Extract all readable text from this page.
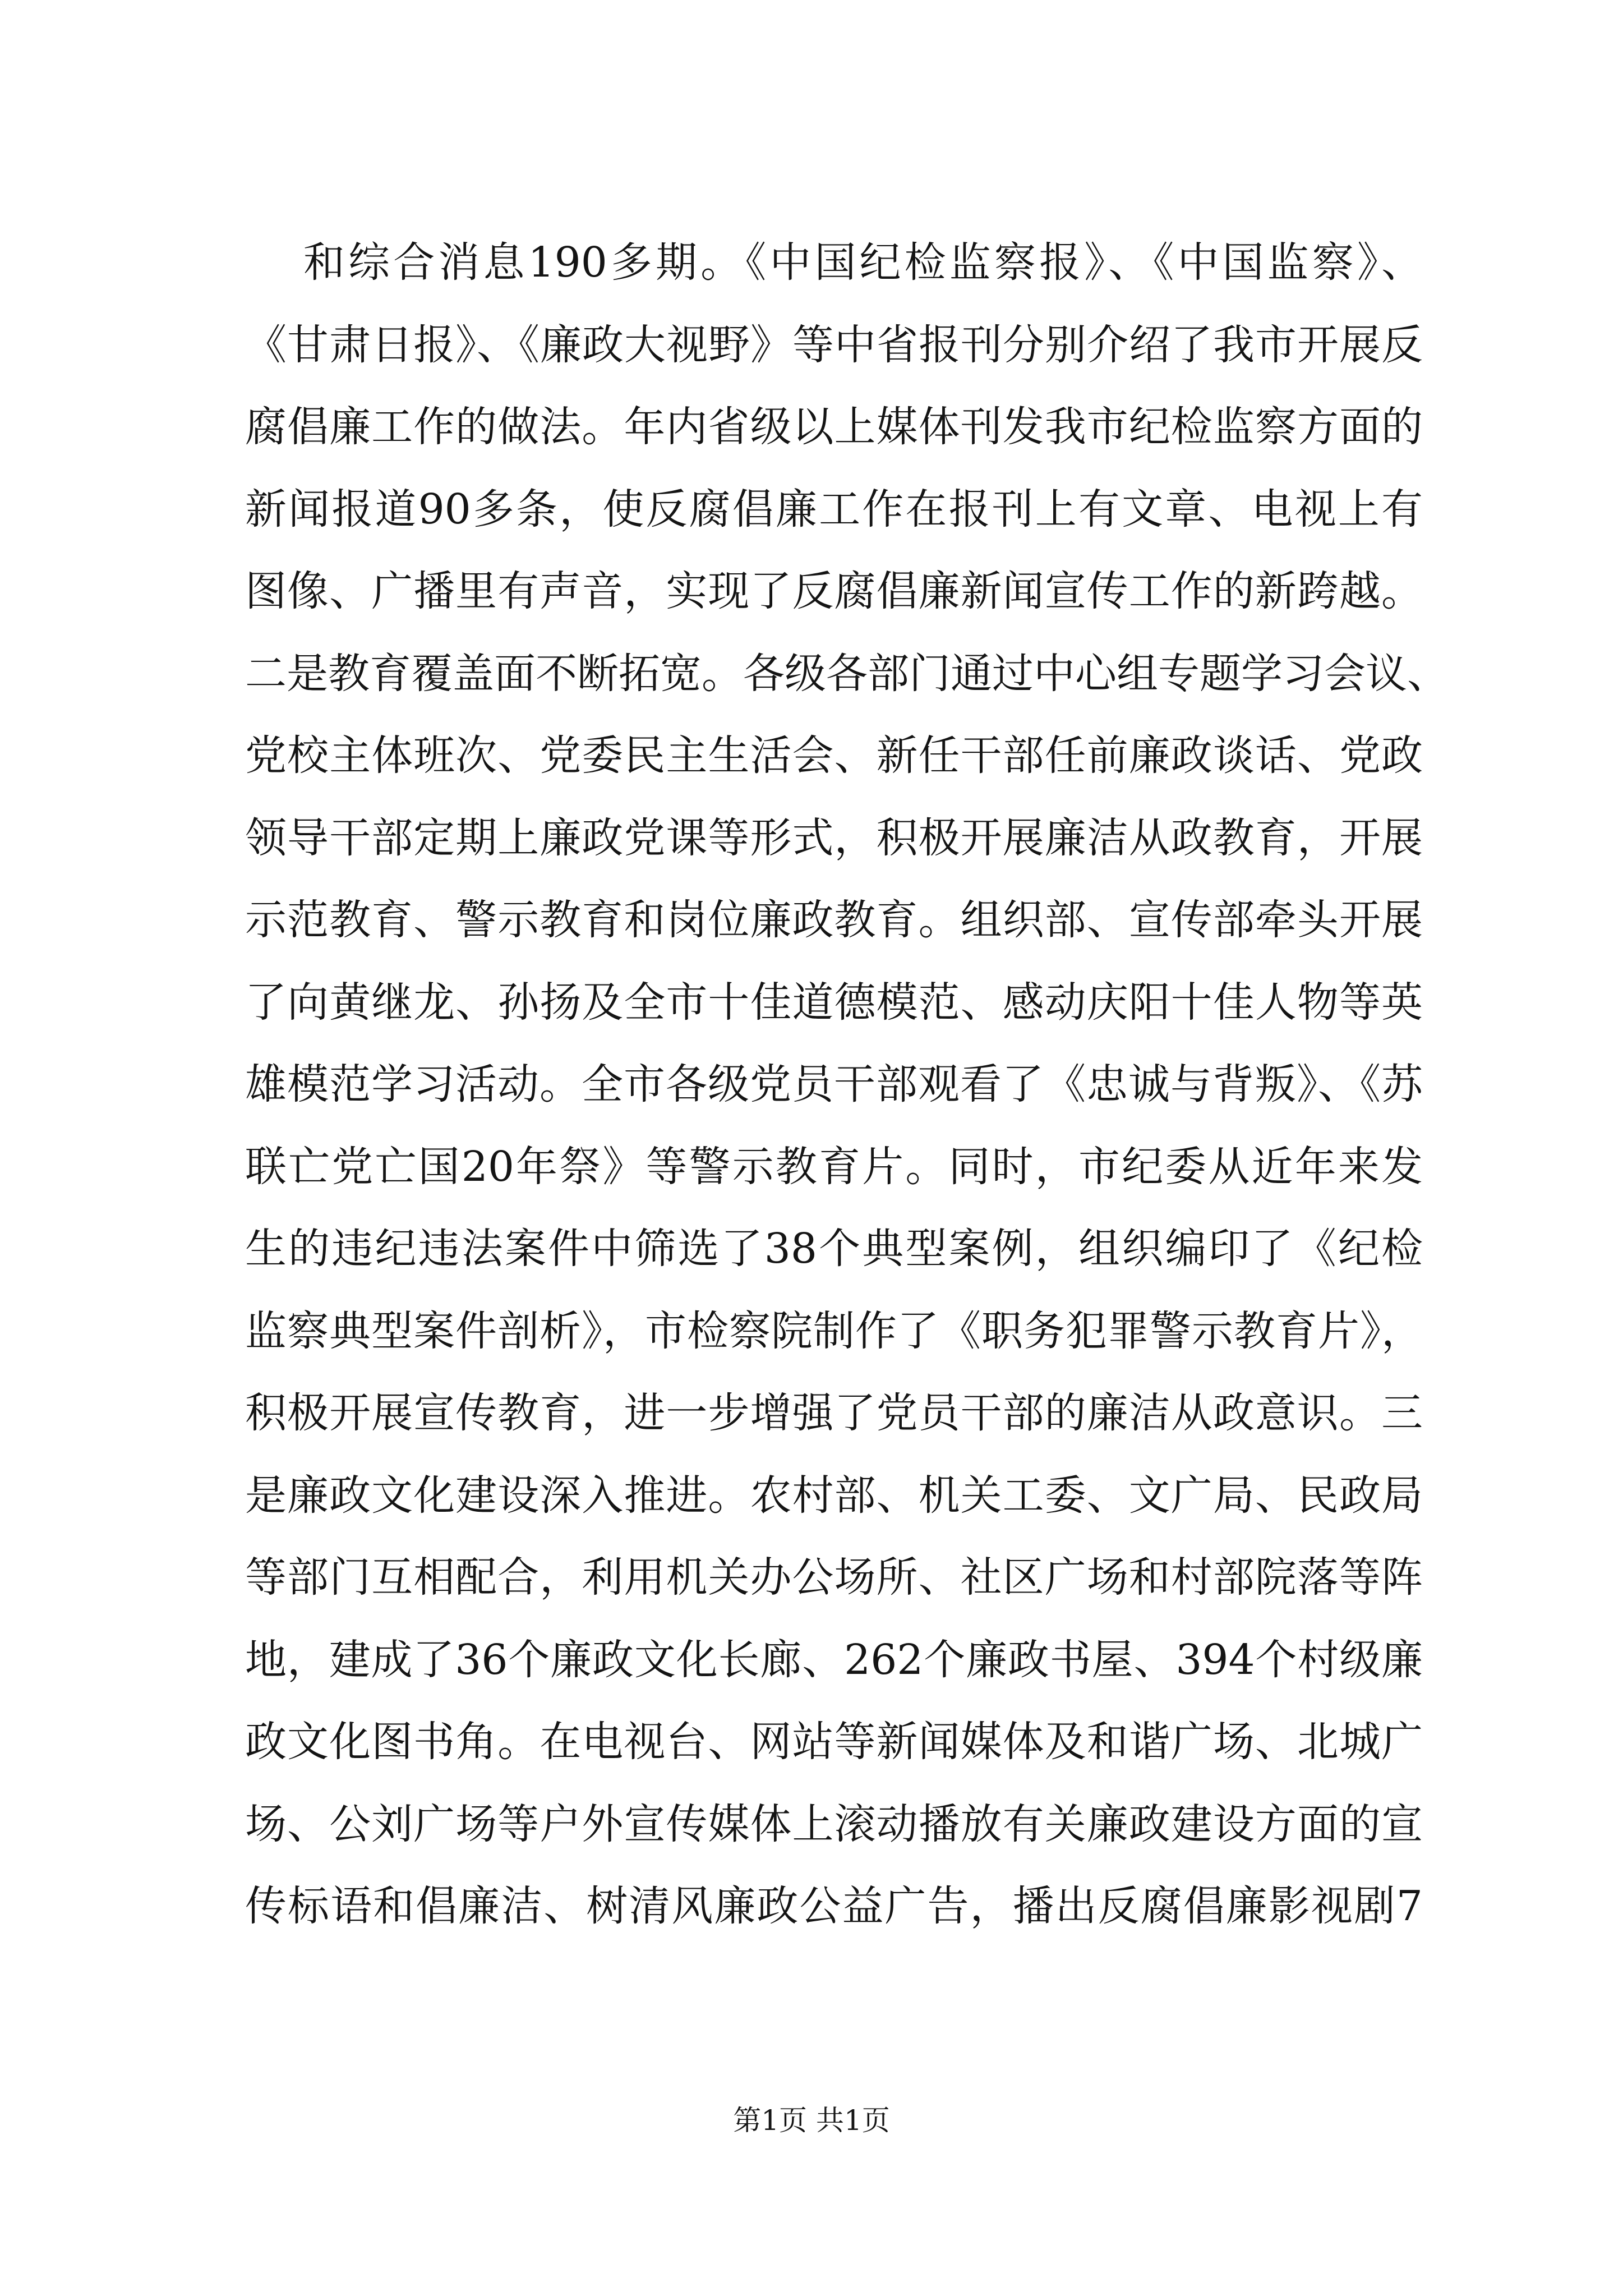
和综合消息190多期。《中国纪检监察报》、《中国监察》、
《甘肃日报》、《廉政大视野》等中省报刊分别介绍了我市开展反
腐倡廉工作的做法。年内省级以上媒体刊发我市纪检监察方面的
新闻报道90多条，使反腐倡廉工作在报刊上有文章、电视上有
图像、广播里有声音，实现了反腐倡廉新闻宣传工作的新跨越。
二是教育覆盖面不断拓宽。各级各部门通过中心组专题学习会议、
党校主体班次、党委民主生活会、新任干部任前廉政谈话、党政
领导干部定期上廉政党课等形式，积极开展廉洁从政教育，开展
示范教育、警示教育和岗位廉政教育。组织部、宣传部牵头开展
了向黄继龙、孙扬及全市十佳道德模范、感动庆阳十佳人物等英
雄模范学习活动。全市各级党员干部观看了《忠诚与背叛》、《苏
联亡党亡国20年祭》等警示教育片。同时，市纪委从近年来发
生的违纪违法案件中筛选了38个典型案例，组织编印了《纪检
监察典型案件剖析》，市检察院制作了《职务犯罪警示教育片》，
积极开展宣传教育，进一步增强了党员干部的廉洁从政意识。三
是廉政文化建设深入推进。农村部、机关工委、文广局、民政局
等部门互相配合，利用机关办公场所、社区广场和村部院落等阵
地，建成了36个廉政文化长廊、262个廉政书屋、394个村级廉
政文化图书角。在电视台、网站等新闻媒体及和谐广场、北城广
场、公刘广场等户外宣传媒体上滚动播放有关廉政建设方面的宣
传标语和倡廉洁、树清风廉政公益广告，播出反腐倡廉影视剧7
第1页 共1页
